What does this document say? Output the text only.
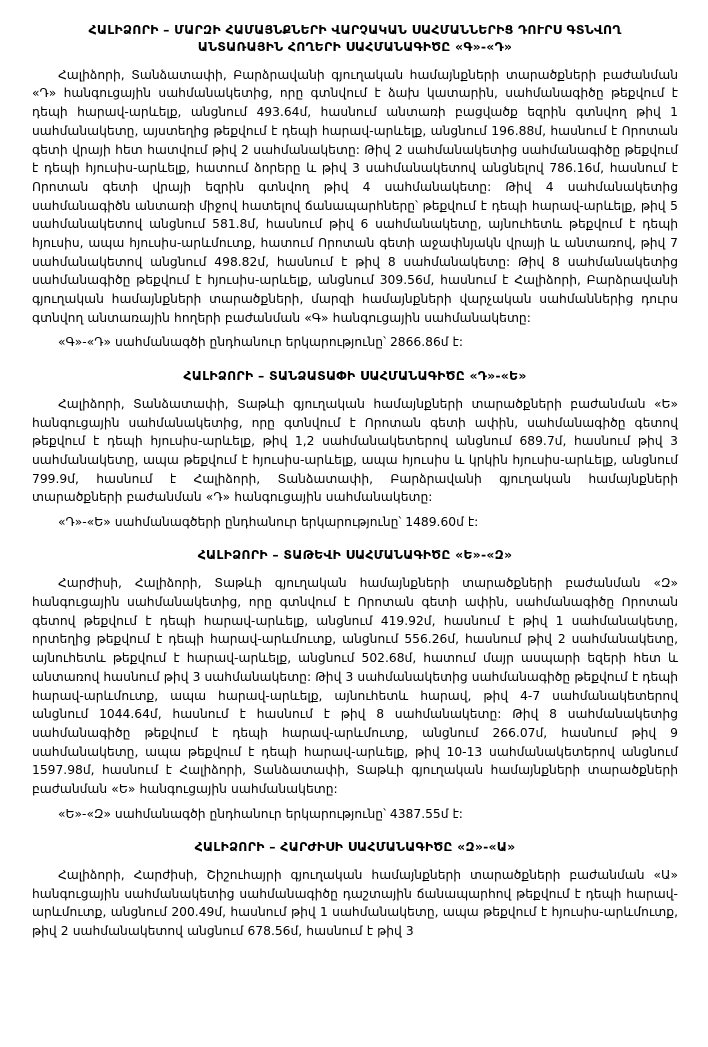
ՀԱԼԻՁՈՐԻ – ՄԱՐԶԻ ՀԱՄԱՅՆՔՆԵՐԻ ՎԱՐՉԱԿԱՆ ՍԱՀՄԱՆՆԵՐԻՑ ԴՈՒՐՍ ԳՏՆՎՈՂ
ԱՆՏԱՌԱՅԻՆ ՀՈՂԵՐԻ ՍԱՀՄԱՆԱԳԻԾԸ «Գ»-«Դ»

Հալիձորի, Տանձատափի, Բարձրավանի գյուղական համայնքների տարածքների բաժանման «Դ» հանգուցային սահմանակետից, որը գտնվում է ձախ կատարին, սահմանագիծը թեքվում է դեպի հարավ-արևելք, անցնում 493.64մ, հասնում անտառի բացվածք եզրին գտնվող թիվ 1 սահմանակետը, այստեղից թեքվում է դեպի հարավ-արևելք, անցնում 196.88մ, հասնում է Որոտան գետի վրայի հետ հատվում թիվ 2 սահմանակետը: Թիվ 2 սահմանակետից սահմանագիծը թեքվում է դեպի հյուսիս-արևելք, հատում ձորերը և թիվ 3 սահմանակետով անցնելով 786.16մ, հասնում է Որոտան գետի վրայի եզրին գտնվող թիվ 4 սահմանակետը: Թիվ 4 սահմանակետից սահմանագիծն անտառի միջով հատելով ճանապարհները՝ թեքվում է դեպի հարավ-արևելք, թիվ 5 սահմանակետով անցնում 581.8մ, հասնում թիվ 6 սահմանակետը, այնուհետև թեքվում է դեպի հյուսիս, ապա հյուսիս-արևմուտք, հատում Որոտան գետի աջափնյակն վրայի և անտառով, թիվ 7 սահմանակետով անցնում 498.82մ, հասնում է թիվ 8 սահմանակետը: Թիվ 8 սահմանակետից սահմանագիծը թեքվում է հյուսիս-արևելք, անցնում 309.56մ, հասնում է Հալիձորի, Բարձրավանի գյուղական համայնքների տարածքների, մարզի համայնքների վարչական սահմաններից դուրս գտնվող անտառային հողերի բաժանման «Գ» հանգուցային սահմանակետը:

«Գ»-«Դ» սահմանագծի ընդհանուր երկարությունը՝ 2866.86մ է:

ՀԱԼԻՁՈՐԻ – ՏԱՆՁԱՏԱՓԻ ՍԱՀՄԱՆԱԳԻԾԸ «Դ»-«Ե»

Հալիձորի, Տանձատափի, Տաթևի գյուղական համայնքների տարածքների բաժանման «Ե» հանգուցային սահմանակետից, որը գտնվում է Որոտան գետի ափին, սահմանագիծը գետով թեքվում է դեպի հյուսիս-արևելք, թիվ 1,2 սահմանակետերով անցնում 689.7մ, հասնում թիվ 3 սահմանակետը, ապա թեքվում է հյուսիս-արևելք, ապա հյուսիս և կրկին հյուսիս-արևելք, անցնում 799.9մ, հասնում է Հալիձորի, Տանձատափի, Բարձրավանի գյուղական համայնքների տարածքների բաժանման «Դ» հանգուցային սահմանակետը:

«Դ»-«Ե» սահմանագծերի ընդհանուր երկարությունը՝ 1489.60մ է:

ՀԱԼԻՁՈՐԻ – ՏԱԹԵՎԻ ՍԱՀՄԱՆԱԳԻԾԸ «Ե»-«Զ»

Հարժիսի, Հալիձորի, Տաթևի գյուղական համայնքների տարածքների բաժանման «Զ» հանգուցային սահմանակետից, որը գտնվում է Որոտան գետի ափին, սահմանագիծը Որոտան գետով թեքվում է դեպի հարավ-արևելք, անցնում 419.92մ, հասնում է թիվ 1 սահմանակետը, որտեղից թեքվում է դեպի հարավ-արևմուտք, անցնում 556.26մ, հասնում թիվ 2 սահմանակետը, այնուհետև թեքվում է հարավ-արևելք, անցնում 502.68մ, հատում մայր ասպարի եզերի հետ և անտառով հասնում թիվ 3 սահմանակետը: Թիվ 3 սահմանակետից սահմանագիծը թեքվում է դեպի հարավ-արևմուտք, ապա հարավ-արևելք, այնուհետև հարավ, թիվ 4-7 սահմանակետերով անցնում 1044.64մ, հասնում է հասնում է թիվ 8 սահմանակետը: Թիվ 8 սահմանակետից սահմանագիծը թեքվում է դեպի հարավ-արևմուտք, անցնում 266.07մ, հասնում թիվ 9 սահմանակետը, ապա թեքվում է դեպի հարավ-արևելք, թիվ 10-13 սահմանակետերով անցնում 1597.98մ, հասնում է Հալիձորի, Տանձատափի, Տաթևի գյուղական համայնքների տարածքների բաժանման «Ե» հանգուցային սահմանակետը:

«Ե»-«Զ» սահմանագծի ընդհանուր երկարությունը՝ 4387.55մ է:

ՀԱԼԻՁՈՐԻ – ՀԱՐԺԻՍԻ ՍԱՀՄԱՆԱԳԻԾԸ «Զ»-«Ա»

Հալիձորի, Հարժիսի, Շիշուհայրի գյուղական համայնքների տարածքների բաժանման «Ա» հանգուցային սահմանակետից սահմանագիծը դաշտային ճանապարհով թեքվում է դեպի հարավ-արևմուտք, անցնում 200.49մ, հասնում թիվ 1 սահմանակետը, ապա թեքվում է հյուսիս-արևմուտք, թիվ 2 սահմանակետով անցնում 678.56մ, հասնում է թիվ 3
